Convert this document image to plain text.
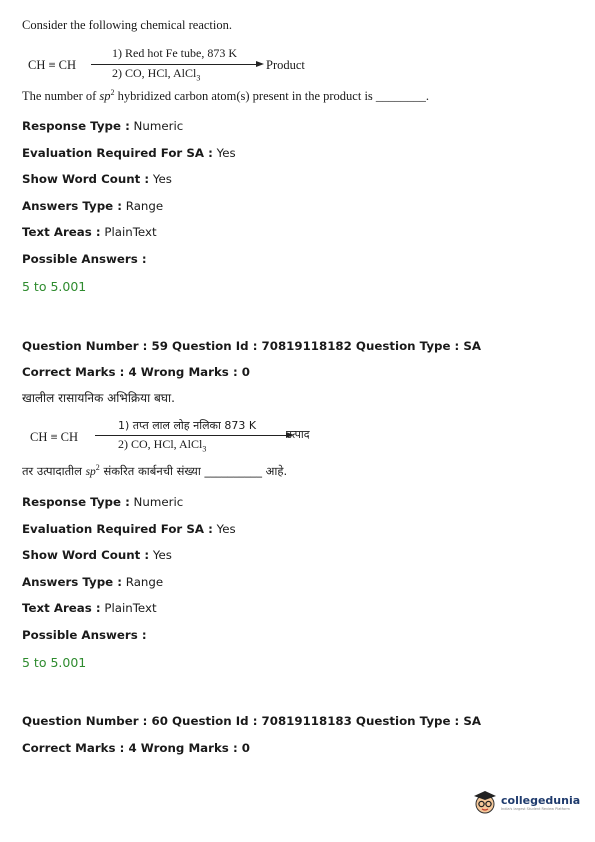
Consider the following chemical reaction.
CH ≡ CH
1) Red hot Fe tube, 873 K
2) CO, HCl, AlCl$_3$
Product
The number of $sp^2$ hybridized carbon atom(s) present in the product is ________.
Response Type : Numeric
Evaluation Required For SA : Yes
Show Word Count : Yes
Answers Type : Range
Text Areas : PlainText
Possible Answers :
5 to 5.001
Question Number : 59 Question Id : 70819118182 Question Type : SA
Correct Marks : 4 Wrong Marks : 0
खालील रासायनिक अभिक्रिया बघा.
CH ≡ CH
1) तप्त लाल लोह नलिका 873 K
2) CO, HCl, AlCl$_3$
उत्पाद
तर उत्पादातील $sp^2$ संकरित कार्बनची संख्या __________ आहे.
Response Type : Numeric
Evaluation Required For SA : Yes
Show Word Count : Yes
Answers Type : Range
Text Areas : PlainText
Possible Answers :
5 to 5.001
Question Number : 60 Question Id : 70819118183 Question Type : SA
Correct Marks : 4 Wrong Marks : 0
collegedunia
India's largest Student Review Platform
